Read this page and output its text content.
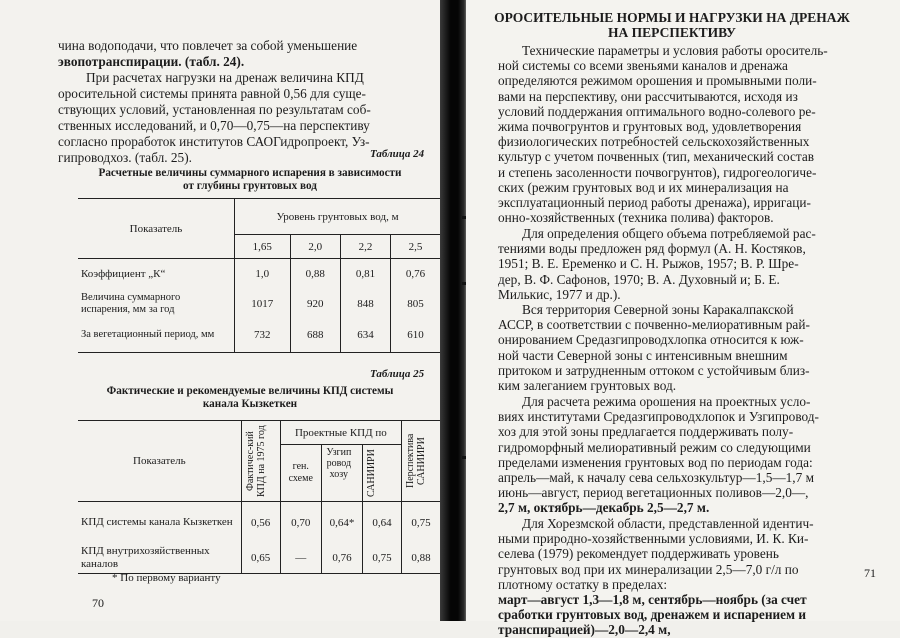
чина водоподачи, что повлечет за собой уменьшение
эвопотранспирации. (табл. 24).
При расчетах нагрузки на дренаж величина КПД
оросительной системы принята равной 0,56 для суще-
ствующих условий, установленная по результатам соб-
ственных исследований, и 0,70—0,75—на перспективу
согласно проработок институтов САОГидропроект, Уз-
гипроводхоз. (табл. 25).	Таблица 24
Расчетные величины суммарного испарения в зависимости
от глубины грунтовых вод
Показатель	Уровень грунтовых вод, м			
	1,65	2,0	2,2	2,5
Коэффициент „К“	1,0	0,88	0,81	0,76
Величина суммарного испарения, мм за год	1017	920	848	805
За вегетационный период, мм	732	688	634	610
Таблица 25
Фактические и рекомендуемые величины КПД системы
канала Кызкеткен
Показатель	Фактичес-кий КПД на 1975 год	Проектные КПД по			Перспектива САНИИРИ

		ген. схеме	Узгипроводхозу	САНИИРИ	

КПД системы канала Кызкеткен	0,56	0,70	0,64*	0,64	0,75
КПД внутрихозяйственных каналов	0,65	—	0,76	0,75	0,88
* По первому варианту
70
ОРОСИТЕЛЬНЫЕ НОРМЫ И НАГРУЗКИ НА ДРЕНАЖ
НА ПЕРСПЕКТИВУ
Технические параметры и условия работы ороситель-
ной системы со всеми звеньями каналов и дренажа
определяются режимом орошения и промывными поли-
вами на перспективу, они рассчитываются, исходя из
условий поддержания оптимального водно-солевого ре-
жима почвогрунтов и грунтовых вод, удовлетворения
физиологических потребностей сельскохозяйственных
культур с учетом почвенных (тип, механический состав
и степень засоленности почвогрунтов), гидрогеологиче-
ских (режим грунтовых вод и их минерализация на
эксплуатационный период работы дренажа), ирригаци-
онно-хозяйственных (техника полива) факторов.
Для определения общего объема потребляемой рас-
тениями воды предложен ряд формул (А. Н. Костяков,
1951; В. Е. Еременко и С. Н. Рыжов, 1957; В. Р. Шре-
дер, В. Ф. Сафонов, 1970; В. А. Духовный и; Б. Е.
Милькис, 1977 и др.).
Вся территория Северной зоны Каракалпакской
АССР, в соответствии с почвенно-мелиоративным рай-
онированием Средазгипроводхлопка относится к юж-
ной части Северной зоны с интенсивным внешним
притоком и затрудненным оттоком с устойчивым близ-
ким залеганием грунтовых вод.
Для расчета режима орошения на проектных усло-
виях институтами Средазгипроводхлопок и Узгипровод-
хоз для этой зоны предлагается поддерживать полу-
гидроморфный мелиоративный режим со следующими
пределами изменения грунтовых вод по периодам года:
апрель—май, к началу сева сельхозкультур—1,5—1,7 м
июнь—август, период вегетационных поливов—2,0—,
2,7 м, октябрь—декабрь 2,5—2,7 м.
Для Хорезмской области, представленной идентич-
ными природно-хозяйственными условиями, И. К. Ки-
селева (1979) рекомендует поддерживать уровень
грунтовых вод при их минерализации 2,5—7,0 г/л по
плотному остатку в пределах:
март—август 1,3—1,8 м, сентябрь—ноябрь (за счет
сработки грунтовых вод, дренажем и испарением и
транспирацией)—2,0—2,4 м,
71
